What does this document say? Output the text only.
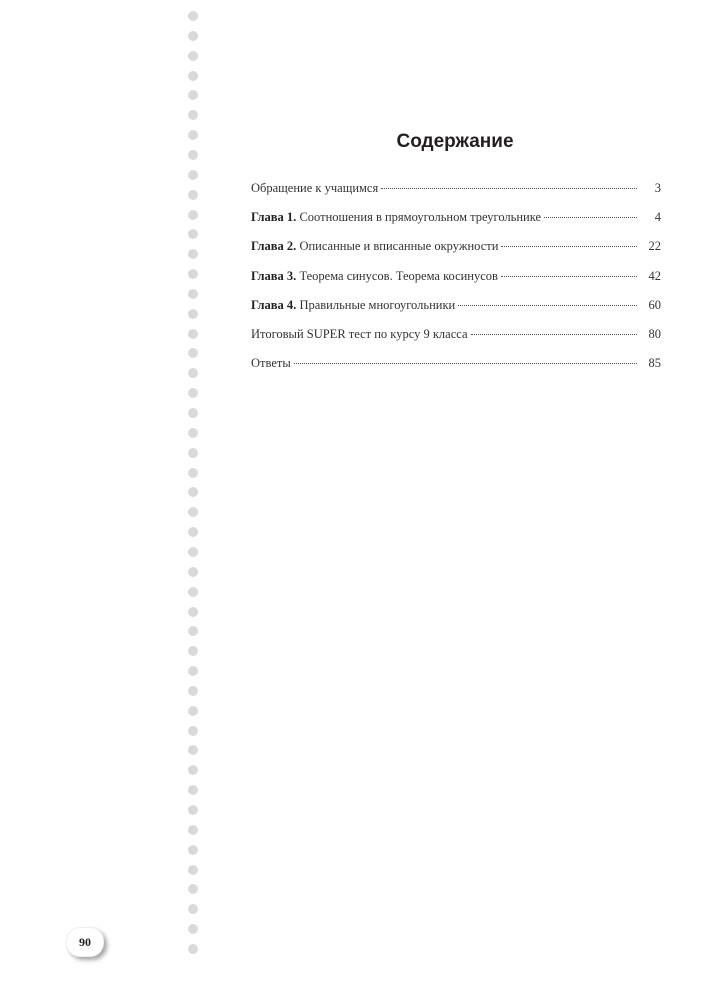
Содержание
Обращение к учащимся	3
Глава 1. Соотношения в прямоугольном треугольнике	4
Глава 2. Описанные и вписанные окружности	22
Глава 3. Теорема синусов. Теорема косинусов	42
Глава 4. Правильные многоугольники	60
Итоговый SUPER тест по курсу 9 класса	80
Ответы	85
90
